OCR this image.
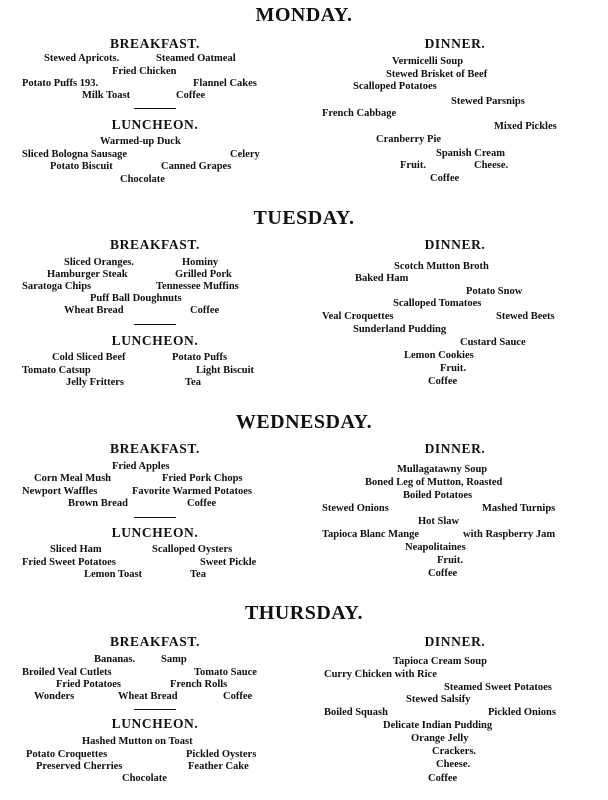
MONDAY.
BREAKFAST.
Stewed Apricots.	Steamed Oatmeal
Fried Chicken
Potato Puffs 193.	Flannel Cakes
Milk Toast	Coffee
LUNCHEON.
Warmed-up Duck
Sliced Bologna Sausage	Celery
Potato Biscuit	Canned Grapes
Chocolate
DINNER.
Vermicelli Soup
Stewed Brisket of Beef
Scalloped Potatoes
Stewed Parsnips
French Cabbage
Mixed Pickles
Cranberry Pie
Spanish Cream
Fruit.	Cheese.
Coffee
TUESDAY.
BREAKFAST.
Sliced Oranges.	Hominy
Hamburger Steak	Grilled Pork
Saratoga Chips	Tennessee Muffins
Puff Ball Doughnuts
Wheat Bread	Coffee
LUNCHEON.
Cold Sliced Beef	Potato Puffs
Tomato Catsup	Light Biscuit
Jelly Fritters	Tea
DINNER.
Scotch Mutton Broth
Baked Ham
Potato Snow
Scalloped Tomatoes
Veal Croquettes	Stewed Beets
Sunderland Pudding
Custard Sauce
Lemon Cookies
Fruit.
Coffee
WEDNESDAY.
BREAKFAST.
Fried Apples
Corn Meal Mush	Fried Pork Chops
Newport Waffles	Favorite Warmed Potatoes
Brown Bread	Coffee
LUNCHEON.
Sliced Ham	Scalloped Oysters
Fried Sweet Potatoes	Sweet Pickle
Lemon Toast	Tea
DINNER.
Mullagatawny Soup
Boned Leg of Mutton, Roasted
Boiled Potatoes
Stewed Onions	Mashed Turnips
Hot Slaw
Tapioca Blanc Mange	with Raspberry Jam
Neapolitaines
Fruit.
Coffee
THURSDAY.
BREAKFAST.
Bananas. Samp
Broiled Veal Cutlets	Tomato Sauce
Fried Potatoes	French Rolls
Wonders	Wheat Bread	Coffee
LUNCHEON.
Hashed Mutton on Toast
Potato Croquettes	Pickled Oysters
Preserved Cherries	Feather Cake
Chocolate
DINNER.
Tapioca Cream Soup
Curry Chicken with Rice
Steamed Sweet Potatoes
Stewed Salsify
Boiled Squash	Pickled Onions
Delicate Indian Pudding
Orange Jelly
Crackers.
Cheese.
Coffee
